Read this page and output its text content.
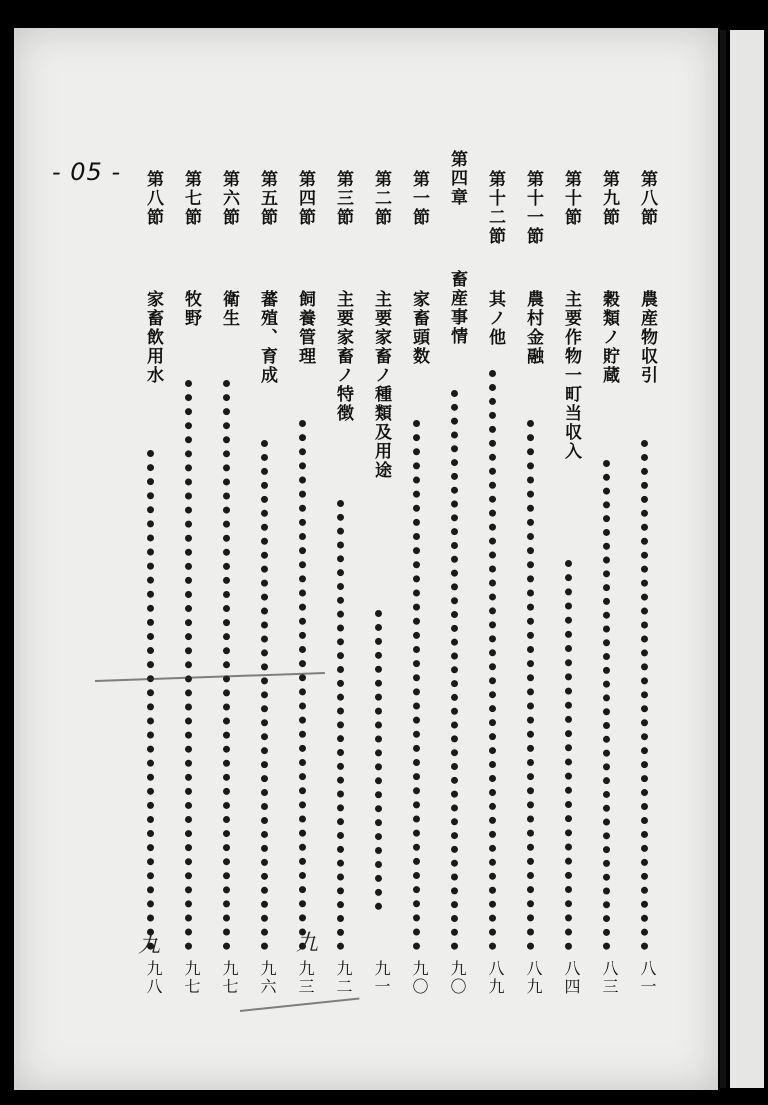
- 05 -	第八節
農産物収引
八一
第九節
穀類ノ貯蔵
八三
第十節
主要作物一町当収入
八四
第十一節
農村金融
八九
第十二節
其ノ他
八九
第四章
畜産事情
九〇
第一節
家畜頭数
九〇
第二節
主要家畜ノ種類及用途
九一
第三節
主要家畜ノ特徴
九二
第四節
飼養管理
九三
第五節
蕃殖、育成
九六
第六節
衛生
九七
第七節
牧野
九七
第八節
家畜飲用水
九八
九	九
